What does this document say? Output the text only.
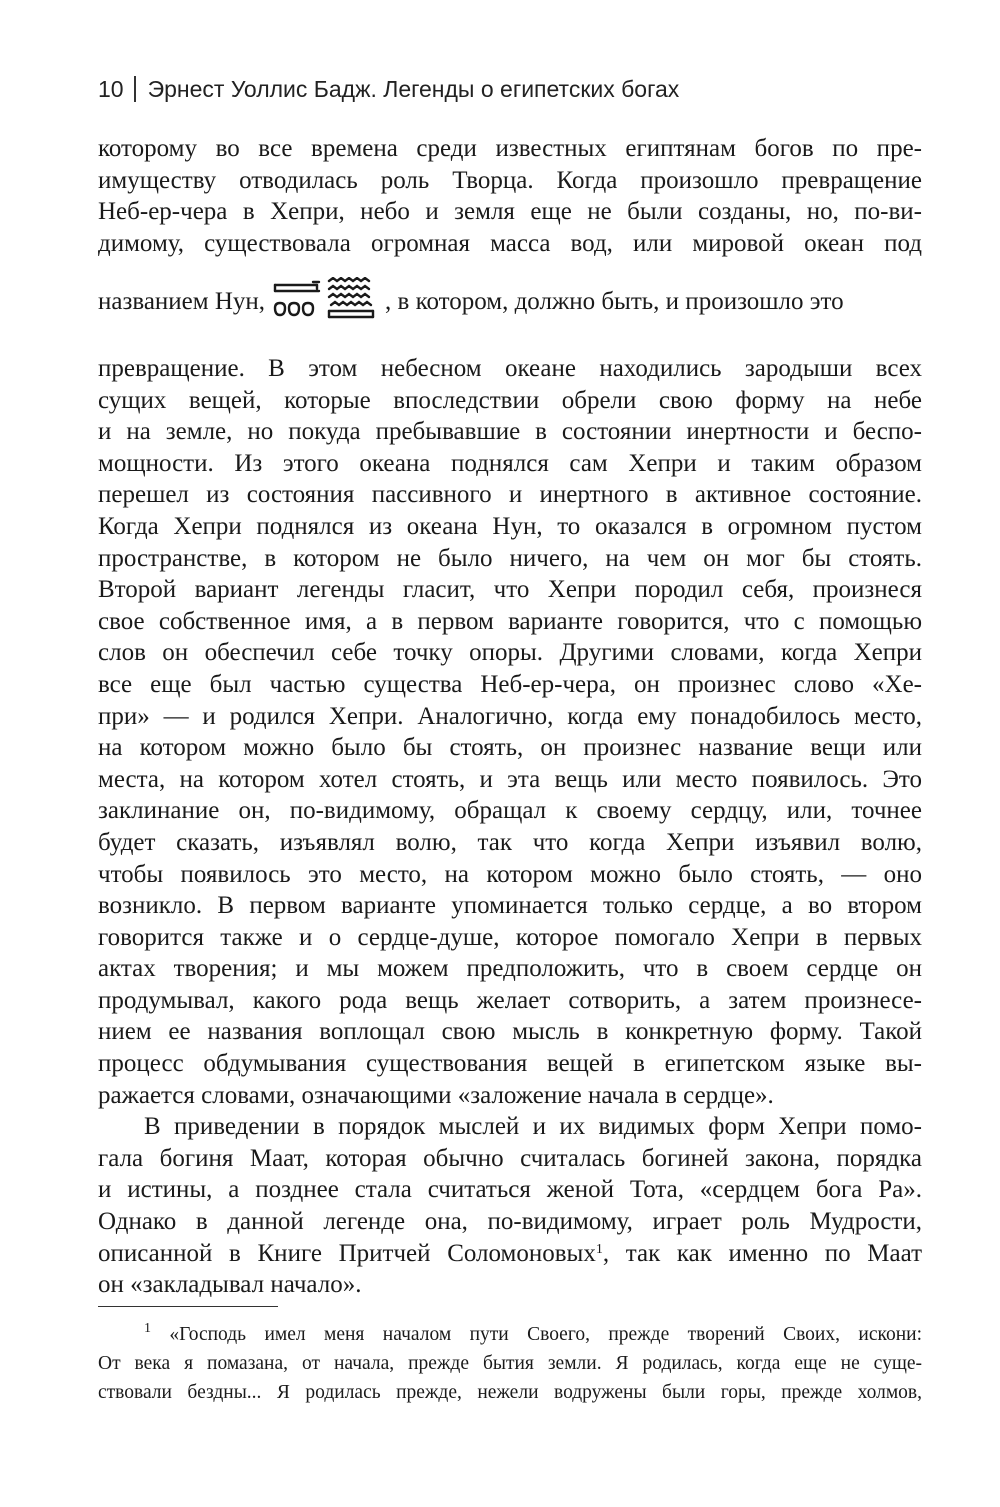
10 Эрнест Уоллис Бадж. Легенды о египетских богах
которому во все времена среди известных египтянам богов по пре-
имуществу отводилась роль Творца. Когда произошло превращение
Неб-ер-чера в Хепри, небо и земля еще не были созданы, но, по-ви-
димому, существовала огромная масса вод, или мировой океан под
названием Нун,	, в котором, должно быть, и произошло это
превращение. В этом небесном океане находились зародыши всех
сущих вещей, которые впоследствии обрели свою форму на небе
и на земле, но покуда пребывавшие в состоянии инертности и беспо-
мощности. Из этого океана поднялся сам Хепри и таким образом
перешел из состояния пассивного и инертного в активное состояние.
Когда Хепри поднялся из океана Нун, то оказался в огромном пустом
пространстве, в котором не было ничего, на чем он мог бы стоять.
Второй вариант легенды гласит, что Хепри породил себя, произнеся
свое собственное имя, а в первом варианте говорится, что с помощью
слов он обеспечил себе точку опоры. Другими словами, когда Хепри
все еще был частью существа Неб-ер-чера, он произнес слово «Хе-
при» — и родился Хепри. Аналогично, когда ему понадобилось место,
на котором можно было бы стоять, он произнес название вещи или
места, на котором хотел стоять, и эта вещь или место появилось. Это
заклинание он, по-видимому, обращал к своему сердцу, или, точнее
будет сказать, изъявлял волю, так что когда Хепри изъявил волю,
чтобы появилось это место, на котором можно было стоять, — оно
возникло. В первом варианте упоминается только сердце, а во втором
говорится также и о сердце-душе, которое помогало Хепри в первых
актах творения; и мы можем предположить, что в своем сердце он
продумывал, какого рода вещь желает сотворить, а затем произнесе-
нием ее названия воплощал свою мысль в конкретную форму. Такой
процесс обдумывания существования вещей в египетском языке вы-
ражается словами, означающими «заложение начала в сердце».
В приведении в порядок мыслей и их видимых форм Хепри помо-
гала богиня Маат, которая обычно считалась богиней закона, порядка
и истины, а позднее стала считаться женой Тота, «сердцем бога Ра».
Однако в данной легенде она, по-видимому, играет роль Мудрости,
описанной в Книге Притчей Соломоновых$^1$, так как именно по Маат
он «закладывал начало».
$^1$ «Господь имел меня началом пути Своего, прежде творений Своих, искони:
От века я помазана, от начала, прежде бытия земли. Я родилась, когда еще не суще-
ствовали бездны... Я родилась прежде, нежели водружены были горы, прежде холмов,
